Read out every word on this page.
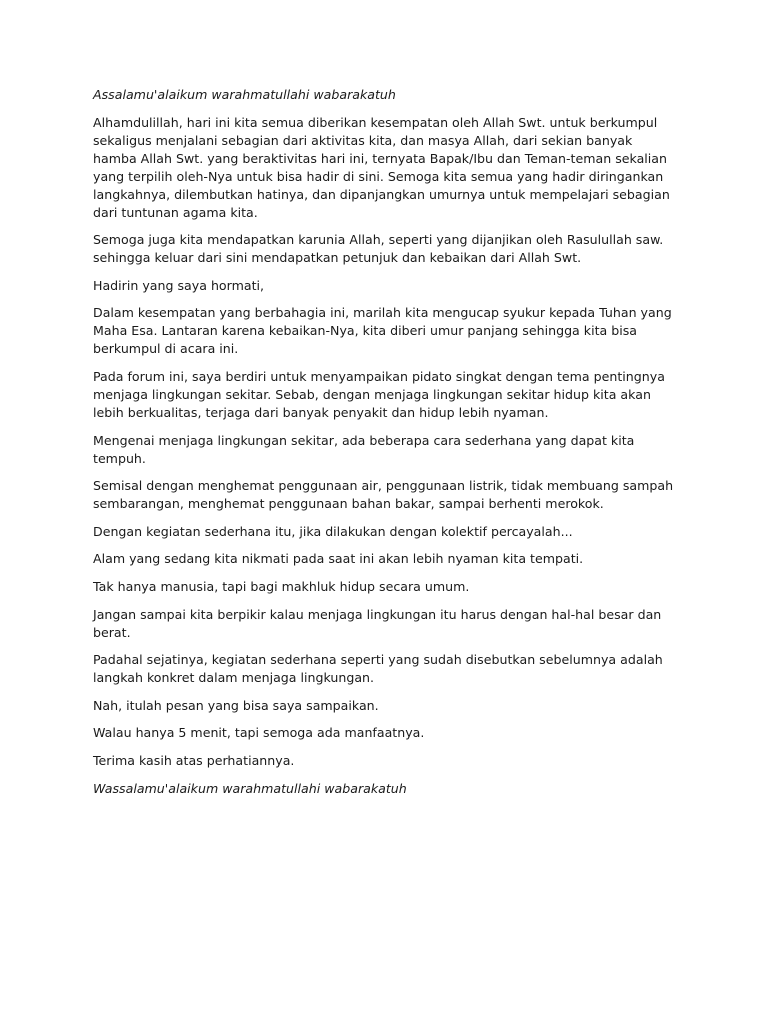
Assalamu'alaikum warahmatullahi wabarakatuh

Alhamdulillah, hari ini kita semua diberikan kesempatan oleh Allah Swt. untuk berkumpul sekaligus menjalani sebagian dari aktivitas kita, dan masya Allah, dari sekian banyak hamba Allah Swt. yang beraktivitas hari ini, ternyata Bapak/Ibu dan Teman-teman sekalian yang terpilih oleh-Nya untuk bisa hadir di sini. Semoga kita semua yang hadir diringankan langkahnya, dilembutkan hatinya, dan dipanjangkan umurnya untuk mempelajari sebagian dari tuntunan agama kita.

Semoga juga kita mendapatkan karunia Allah, seperti yang dijanjikan oleh Rasulullah saw. sehingga keluar dari sini mendapatkan petunjuk dan kebaikan dari Allah Swt.

Hadirin yang saya hormati,

Dalam kesempatan yang berbahagia ini, marilah kita mengucap syukur kepada Tuhan yang Maha Esa. Lantaran karena kebaikan-Nya, kita diberi umur panjang sehingga kita bisa berkumpul di acara ini.

Pada forum ini, saya berdiri untuk menyampaikan pidato singkat dengan tema pentingnya menjaga lingkungan sekitar. Sebab, dengan menjaga lingkungan sekitar hidup kita akan lebih berkualitas, terjaga dari banyak penyakit dan hidup lebih nyaman.

Mengenai menjaga lingkungan sekitar, ada beberapa cara sederhana yang dapat kita tempuh.

Semisal dengan menghemat penggunaan air, penggunaan listrik, tidak membuang sampah sembarangan, menghemat penggunaan bahan bakar, sampai berhenti merokok.

Dengan kegiatan sederhana itu, jika dilakukan dengan kolektif percayalah...

Alam yang sedang kita nikmati pada saat ini akan lebih nyaman kita tempati.

Tak hanya manusia, tapi bagi makhluk hidup secara umum.

Jangan sampai kita berpikir kalau menjaga lingkungan itu harus dengan hal-hal besar dan berat.

Padahal sejatinya, kegiatan sederhana seperti yang sudah disebutkan sebelumnya adalah langkah konkret dalam menjaga lingkungan.

Nah, itulah pesan yang bisa saya sampaikan.

Walau hanya 5 menit, tapi semoga ada manfaatnya.

Terima kasih atas perhatiannya.

Wassalamu'alaikum warahmatullahi wabarakatuh
